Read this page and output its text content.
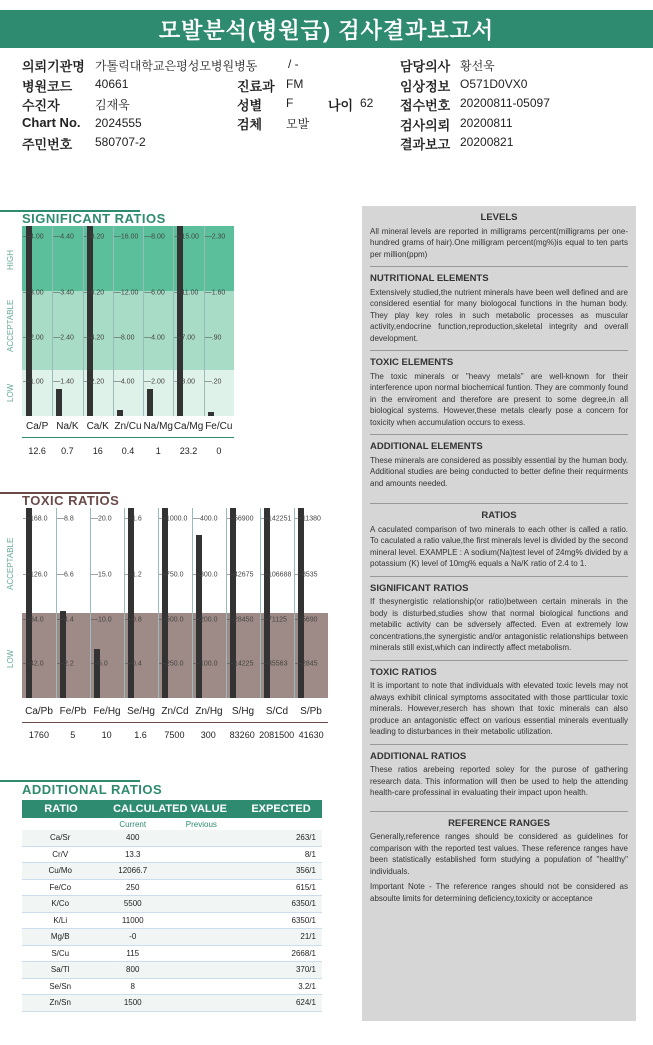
모발분석(병원급) 검사결과보고서
의뢰기관명 가톨릭대학교은평성모병원병동	/ -	담당의사 황선욱
병원코드 40661	진료과 FM	임상정보 O571D0VX0
수진자	김재욱	성별 F	나이 62 접수번호 20200811-05097
Chart No. 2024555	검체 모발	검사의뢰 20200811
주민번호 580707-2	결과보고 20200821
SIGNIFICANT RATIOS
—4.00
—3.00
—2.00
—1.00
—4.40
—3.40
—2.40
—1.40
—8.20
—6.20
—4.20
—2.20
—16.00
—12.00
—8.00
—4.00
—8.00
—6.00
—4.00
—2.00
—15.00
—11.00
—7.00
—3.00
—2.30
—1.60
—.90
—.20
HIGH
ACCEPTABLE
LOW
Ca/P Na/K Ca/K Zn/Cu Na/Mg Ca/Mg Fe/Cu
12.6	0.7	16	0.4	1	23.2	0
TOXIC RATIOS
—168.0
—126.0
—84.0
—42.0
—8.8
—6.6
—4.4
—2.2
—20.0
—15.0
—10.0
—5.0
—1.6
—1.2
—0.8
—0.4
—1000.0
—750.0
—500.0
—250.0
—400.0
—300.0
—200.0
—100.0
—56900
—42675
—28450
—14225
—142251
—106688
—71125
—35563
—11380
—8535
—5690
—2845
ACCEPTABLE
LOW
Ca/Pb Fe/Pb Fe/Hg Se/Hg Zn/Cd Zn/Hg S/Hg	S/Cd	S/Pb
1760	5	10	1.6	7500	300	83260 2081500 41630
ADDITIONAL RATIOS
RATIO	CALCULATED VALUE	EXPECTED
Current	Previous
Ca/Sr	400	263/1
Cr/V	13.3	8/1
Cu/Mo	12066.7	356/1
Fe/Co	250	615/1
K/Co	5500	6350/1
K/Li	11000	6350/1
Mg/B	-0	21/1
S/Cu	115	2668/1
Sa/Tl	800	370/1
Se/Sn	8	3.2/1
Zn/Sn	1500	624/1
LEVELS

All mineral levels are reported in milligrams percent(milligrams per one-hundred grams of hair).One milligram percent(mg%)is equal to ten parts per million(ppm)

NUTRITIONAL ELEMENTS

Extensively studied,the nutrient minerals have been well defined and are considered esential for many biologocal functions in the human body. They play key roles in such metabolic processes as muscular activity,endocrine function,reproduction,skeletal integrity and overall development.

TOXIC ELEMENTS

The toxic minerals or "heavy metals" are well-known for their interference upon normal biochemical funtion. They are commonly found in the enviroment and therefore are present to some degree,in all biological systems. However,these metals clearly pose a concern for toxicity when accumulation occurs to exess.

ADDITIONAL ELEMENTS

These minerals are considered as possibly essential by the human body. Additional studies are being conducted to better define their requirments and amounts needed.

RATIOS

A caculated comparison of two minerals to each other is called a ratio. To caculated a ratio value,the first minerals level is divided by the second mineral level. EXAMPLE : A sodium(Na)test level of 24mg% divided by a potassium (K) level of 10mg% equals a Na/K ratio of 2.4 to 1.

SIGNIFICANT RATIOS

If thesynergistic relationship(or ratio)between certain minerals in the body is disturbed,studies show that normal biological functions and metabilic activity can be sdversely affected. Even at extremely low concentrations,the synergistic and/or antagonistic relationships between minerals still exist,which can indirectly affect metabolism.

TOXIC RATIOS

It is important to note that individuals with elevated toxic levels may not always exhibit clinical symptoms associtated with those partticular toxic minerals. However,reserch has shown that toxic minerals can also produce an antagonistic effect on various essential minerals eventually leading to disturbances in their metabolic utilization.

ADDITIONAL RATIOS

These ratios arebeing reported soley for the purose of gathering research data. This information will then be used to help the attending health-care professinal in evaluating their impact upon health.

REFERENCE RANGES

Generally,reference ranges should be considered as guidelines for comparison with the reported test values. These reference ranges have been statistically established form studying a population of "healthy" individuals.

Important Note - The reference ranges should not be considered as absoulte limits for determining deficiency,toxicity or acceptance
